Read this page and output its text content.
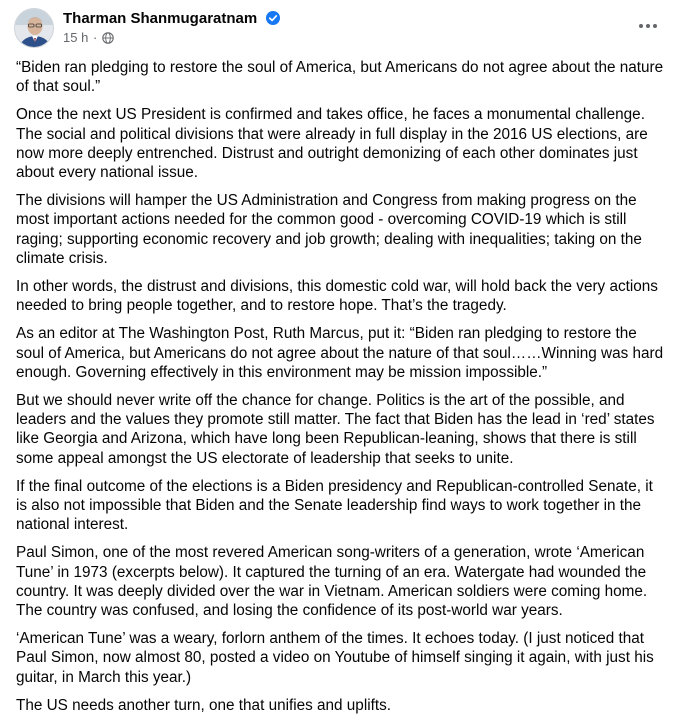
Tharman Shanmugaratnam
15 h ·

“Biden ran pledging to restore the soul of America, but Americans do not agree about the nature of that soul.”

Once the next US President is confirmed and takes office, he faces a monumental challenge. The social and political divisions that were already in full display in the 2016 US elections, are now more deeply entrenched. Distrust and outright demonizing of each other dominates just about every national issue.

The divisions will hamper the US Administration and Congress from making progress on the most important actions needed for the common good - overcoming COVID-19 which is still raging; supporting economic recovery and job growth; dealing with inequalities; taking on the climate crisis.

In other words, the distrust and divisions, this domestic cold war, will hold back the very actions needed to bring people together, and to restore hope. That’s the tragedy.

As an editor at The Washington Post, Ruth Marcus, put it: “Biden ran pledging to restore the soul of America, but Americans do not agree about the nature of that soul……Winning was hard enough. Governing effectively in this environment may be mission impossible.”

But we should never write off the chance for change. Politics is the art of the possible, and leaders and the values they promote still matter. The fact that Biden has the lead in ‘red’ states like Georgia and Arizona, which have long been Republican-leaning, shows that there is still some appeal amongst the US electorate of leadership that seeks to unite.

If the final outcome of the elections is a Biden presidency and Republican-controlled Senate, it is also not impossible that Biden and the Senate leadership find ways to work together in the national interest.

Paul Simon, one of the most revered American song-writers of a generation, wrote ‘American Tune’ in 1973 (excerpts below). It captured the turning of an era. Watergate had wounded the country. It was deeply divided over the war in Vietnam. American soldiers were coming home. The country was confused, and losing the confidence of its post-world war years.

‘American Tune’ was a weary, forlorn anthem of the times. It echoes today. (I just noticed that Paul Simon, now almost 80, posted a video on Youtube of himself singing it again, with just his guitar, in March this year.)

The US needs another turn, one that unifies and uplifts.
